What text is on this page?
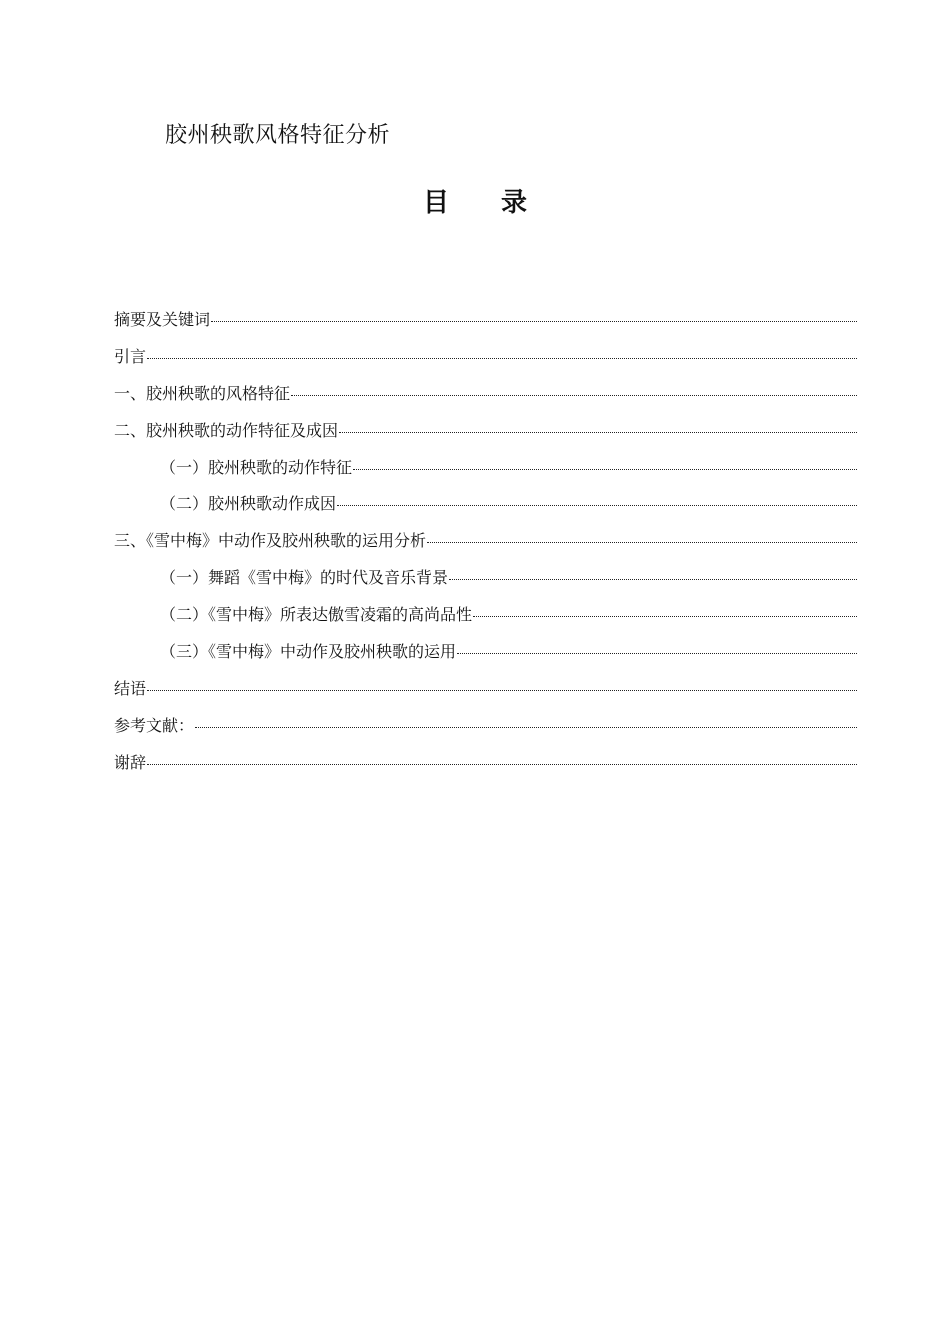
胶州秧歌风格特征分析
目 录
摘要及关键词
引言
一、胶州秧歌的风格特征
二、胶州秧歌的动作特征及成因
（一）胶州秧歌的动作特征
（二）胶州秧歌动作成因
三、《雪中梅》中动作及胶州秧歌的运用分析
（一）舞蹈《雪中梅》的时代及音乐背景
（二）《雪中梅》所表达傲雪凌霜的高尚品性
（三）《雪中梅》中动作及胶州秧歌的运用
结语
参考文献：
谢辞
